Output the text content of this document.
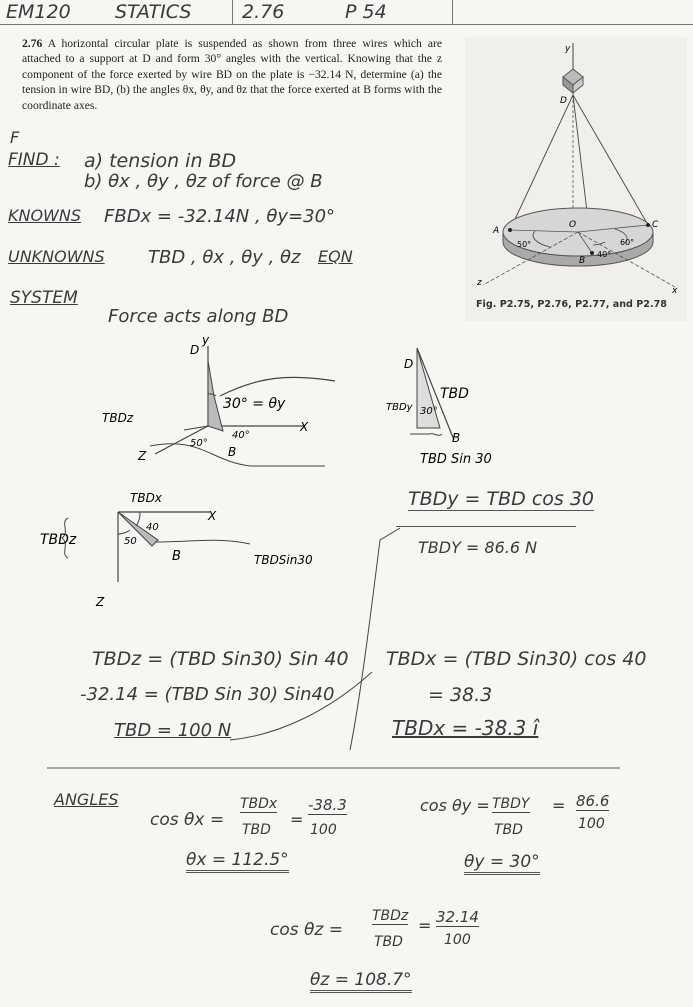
EM120 STATICS	2.76	P 54
2.76 A horizontal circular plate is suspended as shown from three wires which are attached to a support at D and form 30° angles with the vertical. Knowing that the z component of the force exerted by wire BD on the plate is −32.14 N, determine (a) the tension in wire BD, (b) the angles θx, θy, and θz that the force exerted at B forms with the coordinate axes.
y
D
O
A
B
C
z
x
50°
40°
60°
Fig. P2.75, P2.76, P2.77, and P2.78
F
FIND : a) tension in BD
b) θx , θy , θz of force @ B
KNOWNS FBDx = -32.14N , θy=30°
UNKNOWNS TBD , θx , θy , θz EQN
SYSTEM
Force acts along BD
D
y
30° = θy
TBDz
X
50°
40°
B
Z
D
TBD
TBDy 30°
B
TBD Sin 30
TBDx
X
40
50
B
TBDz
Z
TBDSin30
TBDy = TBD cos 30
TBDY = 86.6 N
TBDz = (TBD Sin30) Sin 40
-32.14 = (TBD Sin 30) Sin40
TBD = 100 N
TBDx = (TBD Sin30) cos 40
= 38.3
TBDx = -38.3 î
ANGLES
cos θx =
TBDx
TBD
=
-38.3
100
θx = 112.5°
cos θy = TBDY
TBD
= 86.6
100
θy = 30°
cos θz =
TBDz
TBD
= 32.14
100
θz = 108.7°
